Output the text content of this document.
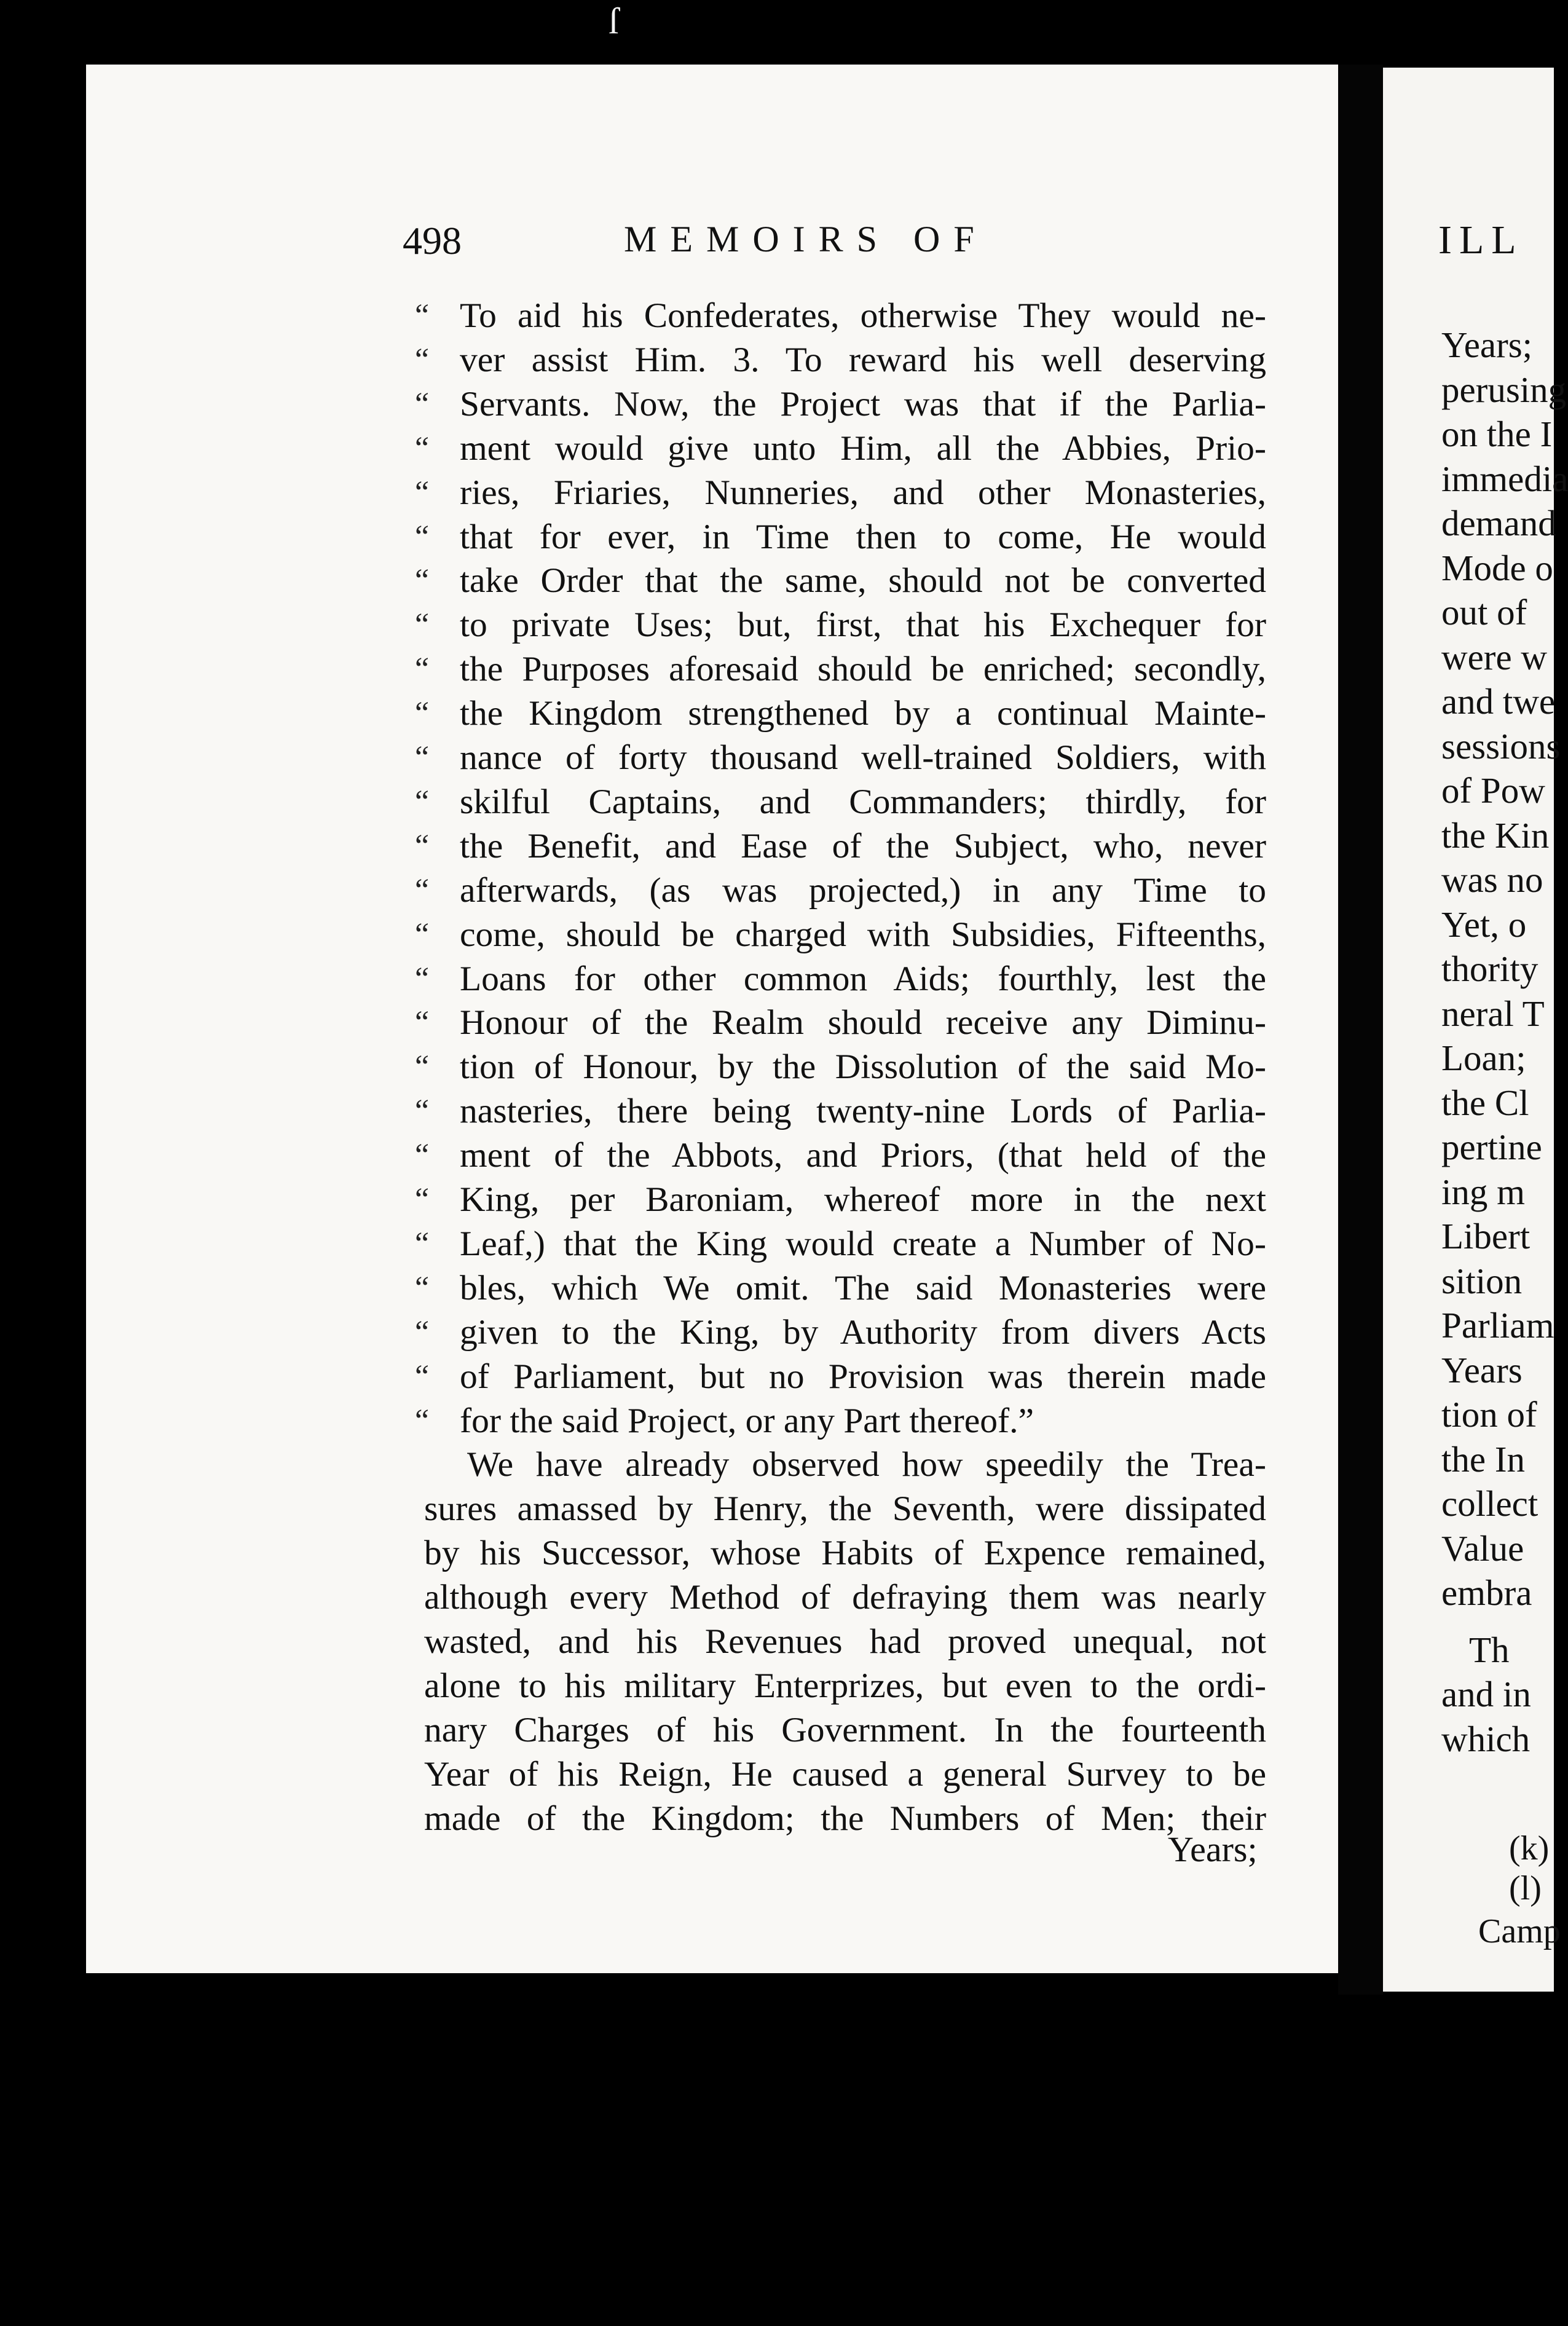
ſ
498	MEMOIRS OF
“ To aid his Confederates, otherwise They would ne-
“ ver assist Him. 3. To reward his well deserving
“ Servants. Now, the Project was that if the Parlia-
“ ment would give unto Him, all the Abbies, Prio-
“ ries, Friaries, Nunneries, and other Monasteries,
“ that for ever, in Time then to come, He would
“ take Order that the same, should not be converted
“ to private Uses; but, first, that his Exchequer for
“ the Purposes aforesaid should be enriched; secondly,
“ the Kingdom strengthened by a continual Mainte-
“ nance of forty thousand well-trained Soldiers, with
“ skilful Captains, and Commanders; thirdly, for
“ the Benefit, and Ease of the Subject, who, never
“ afterwards, (as was projected,) in any Time to
“ come, should be charged with Subsidies, Fifteenths,
“ Loans for other common Aids; fourthly, lest the
“ Honour of the Realm should receive any Diminu-
“ tion of Honour, by the Dissolution of the said Mo-
“ nasteries, there being twenty-nine Lords of Parlia-
“ ment of the Abbots, and Priors, (that held of the
“ King, per Baroniam, whereof more in the next
“ Leaf,) that the King would create a Number of No-
“ bles, which We omit. The said Monasteries were
“ given to the King, by Authority from divers Acts
“ of Parliament, but no Provision was therein made
“ for the said Project, or any Part thereof.”
We have already observed how speedily the Trea-
sures amassed by Henry, the Seventh, were dissipated
by his Successor, whose Habits of Expence remained,
although every Method of defraying them was nearly
wasted, and his Revenues had proved unequal, not
alone to his military Enterprizes, but even to the ordi-
nary Charges of his Government. In the fourteenth
Year of his Reign, He caused a general Survey to be
made of the Kingdom; the Numbers of Men; their
Years;
ILL
Years;
perusing
on the I
immedia
demand
Mode o
out of
were w
and twe
sessions
of Pow
the Kin
was no
Yet, o
thority
neral T
Loan;
the Cl
pertine
ing m
Libert
sition
Parliam
Years
tion of
the In
collect
Value
embra
Th
and in
which
(k)
(l)
Camp
